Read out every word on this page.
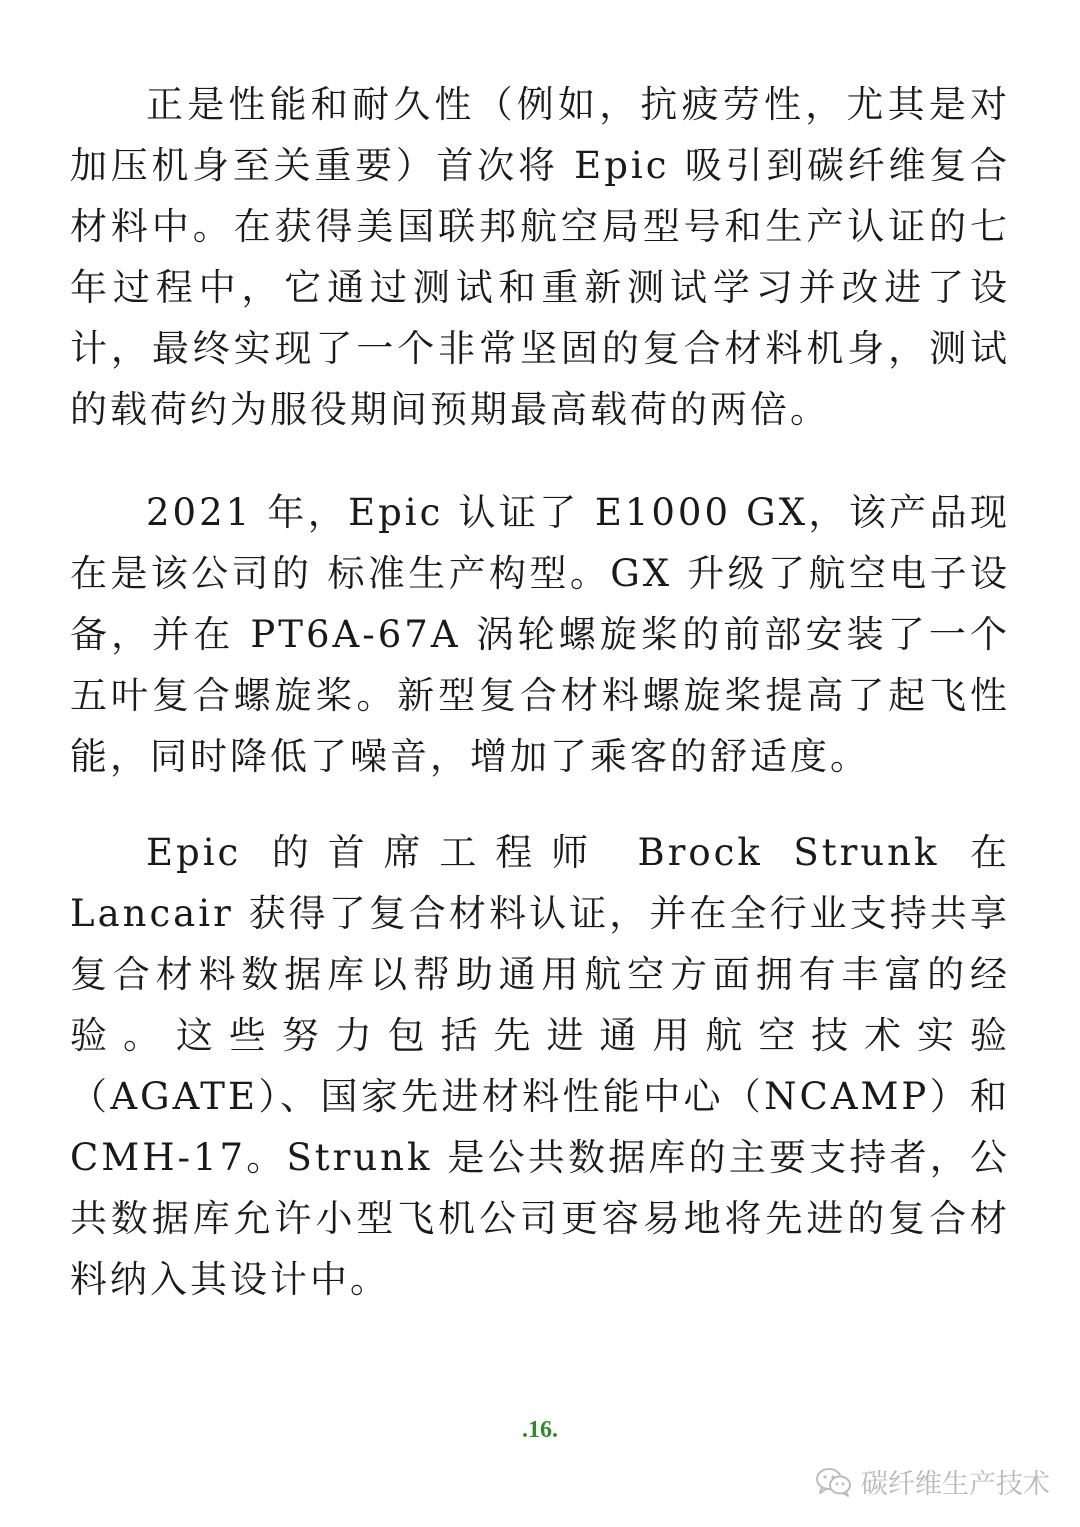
正是性能和耐久性（例如，抗疲劳性，尤其是对加压机身至关重要）首次将 Epic 吸引到碳纤维复合材料中。在获得美国联邦航空局型号和生产认证的七年过程中，它通过测试和重新测试学习并改进了设计，最终实现了一个非常坚固的复合材料机身，测试的载荷约为服役期间预期最高载荷的两倍。

2021 年，Epic 认证了 E1000 GX，该产品现在是该公司的 标准生产构型。GX 升级了航空电子设备，并在 PT6A-67A 涡轮螺旋桨的前部安装了一个五叶复合螺旋桨。新型复合材料螺旋桨提高了起飞性能，同时降低了噪音，增加了乘客的舒适度。

Epic 的首席工程师 Brock Strunk 在 Lancair 获得了复合材料认证，并在全行业支持共享复合材料数据库以帮助通用航空方面拥有丰富的经验。这些努力包括先进通用航空技术实验（AGATE）、国家先进材料性能中心（NCAMP）和 CMH-17。Strunk 是公共数据库的主要支持者，公共数据库允许小型飞机公司更容易地将先进的复合材料纳入其设计中。

.16.
碳纤维生产技术
